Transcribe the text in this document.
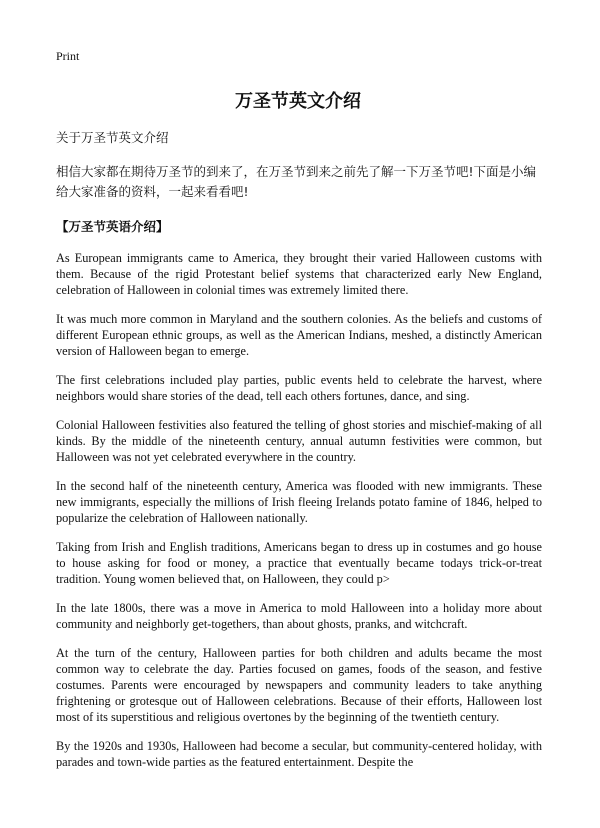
Print
万圣节英文介绍
关于万圣节英文介绍
相信大家都在期待万圣节的到来了，在万圣节到来之前先了解一下万圣节吧!下面是小编给大家准备的资料，一起来看看吧!
【万圣节英语介绍】

As European immigrants came to America, they brought their varied Halloween customs with them. Because of the rigid Protestant belief systems that characterized early New England, celebration of Halloween in colonial times was extremely limited there.

It was much more common in Maryland and the southern colonies. As the beliefs and customs of different European ethnic groups, as well as the American Indians, meshed, a distinctly American version of Halloween began to emerge.

The first celebrations included play parties, public events held to celebrate the harvest, where neighbors would share stories of the dead, tell each others fortunes, dance, and sing.

Colonial Halloween festivities also featured the telling of ghost stories and mischief-making of all kinds. By the middle of the nineteenth century, annual autumn festivities were common, but Halloween was not yet celebrated everywhere in the country.

In the second half of the nineteenth century, America was flooded with new immigrants. These new immigrants, especially the millions of Irish fleeing Irelands potato famine of 1846, helped to popularize the celebration of Halloween nationally.

Taking from Irish and English traditions, Americans began to dress up in costumes and go house to house asking for food or money, a practice that eventually became todays trick-or-treat tradition. Young women believed that, on Halloween, they could p>

In the late 1800s, there was a move in America to mold Halloween into a holiday more about community and neighborly get-togethers, than about ghosts, pranks, and witchcraft.

At the turn of the century, Halloween parties for both children and adults became the most common way to celebrate the day. Parties focused on games, foods of the season, and festive costumes. Parents were encouraged by newspapers and community leaders to take anything frightening or grotesque out of Halloween celebrations. Because of their efforts, Halloween lost most of its superstitious and religious overtones by the beginning of the twentieth century.

By the 1920s and 1930s, Halloween had become a secular, but community-centered holiday, with parades and town-wide parties as the featured entertainment. Despite the
